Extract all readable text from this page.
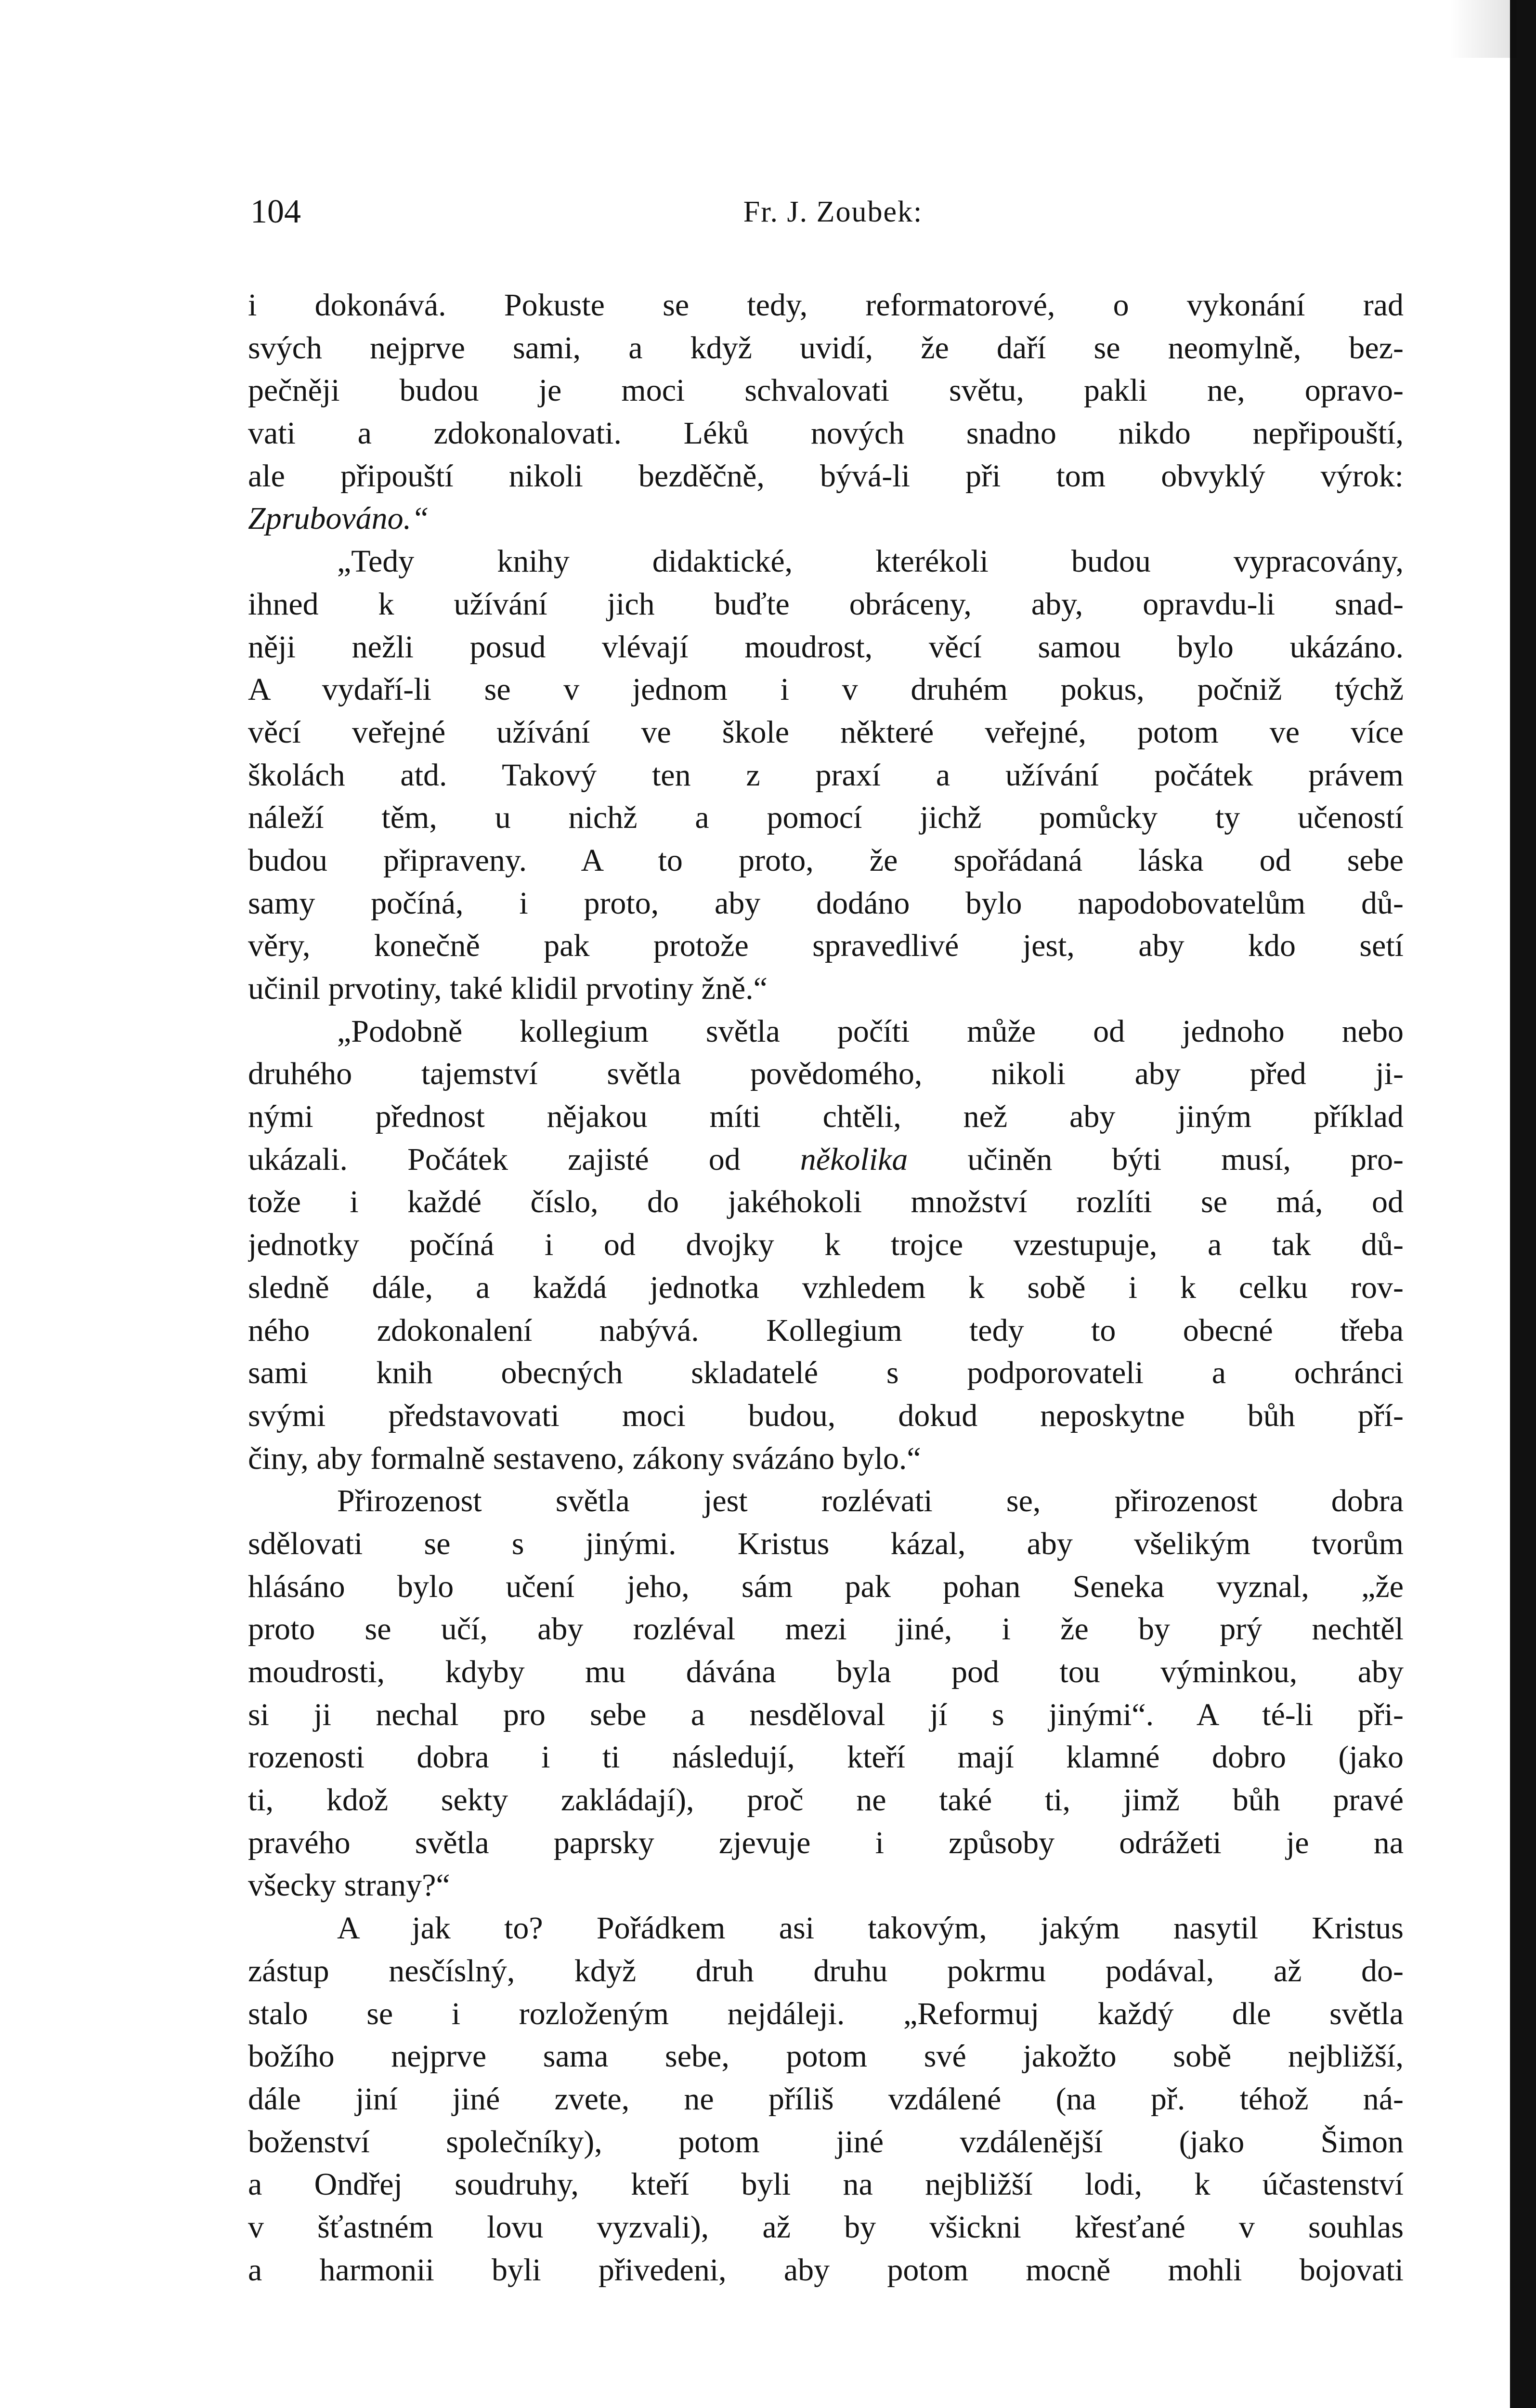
104	Fr. J. Zoubek:
i dokonává. Pokuste se tedy, reformatorové, o vykonání rad
svých nejprve sami, a když uvidí, že daří se neomylně, bez-
pečněji budou je moci schvalovati světu, pakli ne, opravo-
vati a zdokonalovati. Léků nových snadno nikdo nepřipouští,
ale připouští nikoli bezděčně, bývá-li při tom obvyklý výrok:
Zprubováno.“
„Tedy knihy didaktické, kterékoli budou vypracovány,
ihned k užívání jich buďte obráceny, aby, opravdu-li snad-
něji nežli posud vlévají moudrost, věcí samou bylo ukázáno.
A vydaří-li se v jednom i v druhém pokus, počniž týchž
věcí veřejné užívání ve škole některé veřejné, potom ve více
školách atd. Takový ten z praxí a užívání počátek právem
náleží těm, u nichž a pomocí jichž pomůcky ty učeností
budou připraveny. A to proto, že spořádaná láska od sebe
samy počíná, i proto, aby dodáno bylo napodobovatelům dů-
věry, konečně pak protože spravedlivé jest, aby kdo setí
učinil prvotiny, také klidil prvotiny žně.“
„Podobně kollegium světla počíti může od jednoho nebo
druhého tajemství světla povědomého, nikoli aby před ji-
nými přednost nějakou míti chtěli, než aby jiným příklad
ukázali. Počátek zajisté od několika učiněn býti musí, pro-
tože i každé číslo, do jakéhokoli množství rozlíti se má, od
jednotky počíná i od dvojky k trojce vzestupuje, a tak dů-
sledně dále, a každá jednotka vzhledem k sobě i k celku rov-
ného zdokonalení nabývá. Kollegium tedy to obecné třeba
sami knih obecných skladatelé s podporovateli a ochránci
svými představovati moci budou, dokud neposkytne bůh pří-
činy, aby formalně sestaveno, zákony svázáno bylo.“
Přirozenost světla jest rozlévati se, přirozenost dobra
sdělovati se s jinými. Kristus kázal, aby všelikým tvorům
hlásáno bylo učení jeho, sám pak pohan Seneka vyznal, „že
proto se učí, aby rozléval mezi jiné, i že by prý nechtěl
moudrosti, kdyby mu dávána byla pod tou výminkou, aby
si ji nechal pro sebe a nesděloval jí s jinými“. A té-li při-
rozenosti dobra i ti následují, kteří mají klamné dobro (jako
ti, kdož sekty zakládají), proč ne také ti, jimž bůh pravé
pravého světla paprsky zjevuje i způsoby odrážeti je na
všecky strany?“
A jak to? Pořádkem asi takovým, jakým nasytil Kristus
zástup nesčíslný, když druh druhu pokrmu podával, až do-
stalo se i rozloženým nejdáleji. „Reformuj každý dle světla
božího nejprve sama sebe, potom své jakožto sobě nejbližší,
dále jiní jiné zvete, ne příliš vzdálené (na př. téhož ná-
boženství společníky), potom jiné vzdálenější (jako Šimon
a Ondřej soudruhy, kteří byli na nejbližší lodi, k účastenství
v šťastném lovu vyzvali), až by všickni křesťané v souhlas
a harmonii byli přivedeni, aby potom mocně mohli bojovati
